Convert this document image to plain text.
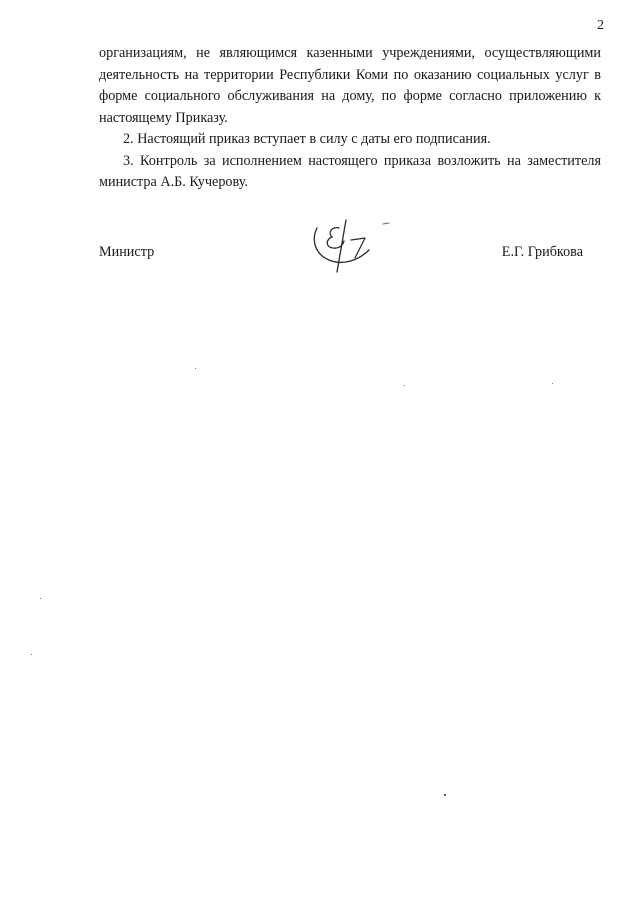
2

организациям, не являющимся казенными учреждениями, осуществляющими деятельность на территории Республики Коми по оказанию социальных услуг в форме социального обслуживания на дому, по форме согласно приложению к настоящему Приказу.

2. Настоящий приказ вступает в силу с даты его подписания.

3. Контроль за исполнением настоящего приказа возложить на заместителя министра А.Б. Кучерову.

Министр	Е.Г. Грибкова
